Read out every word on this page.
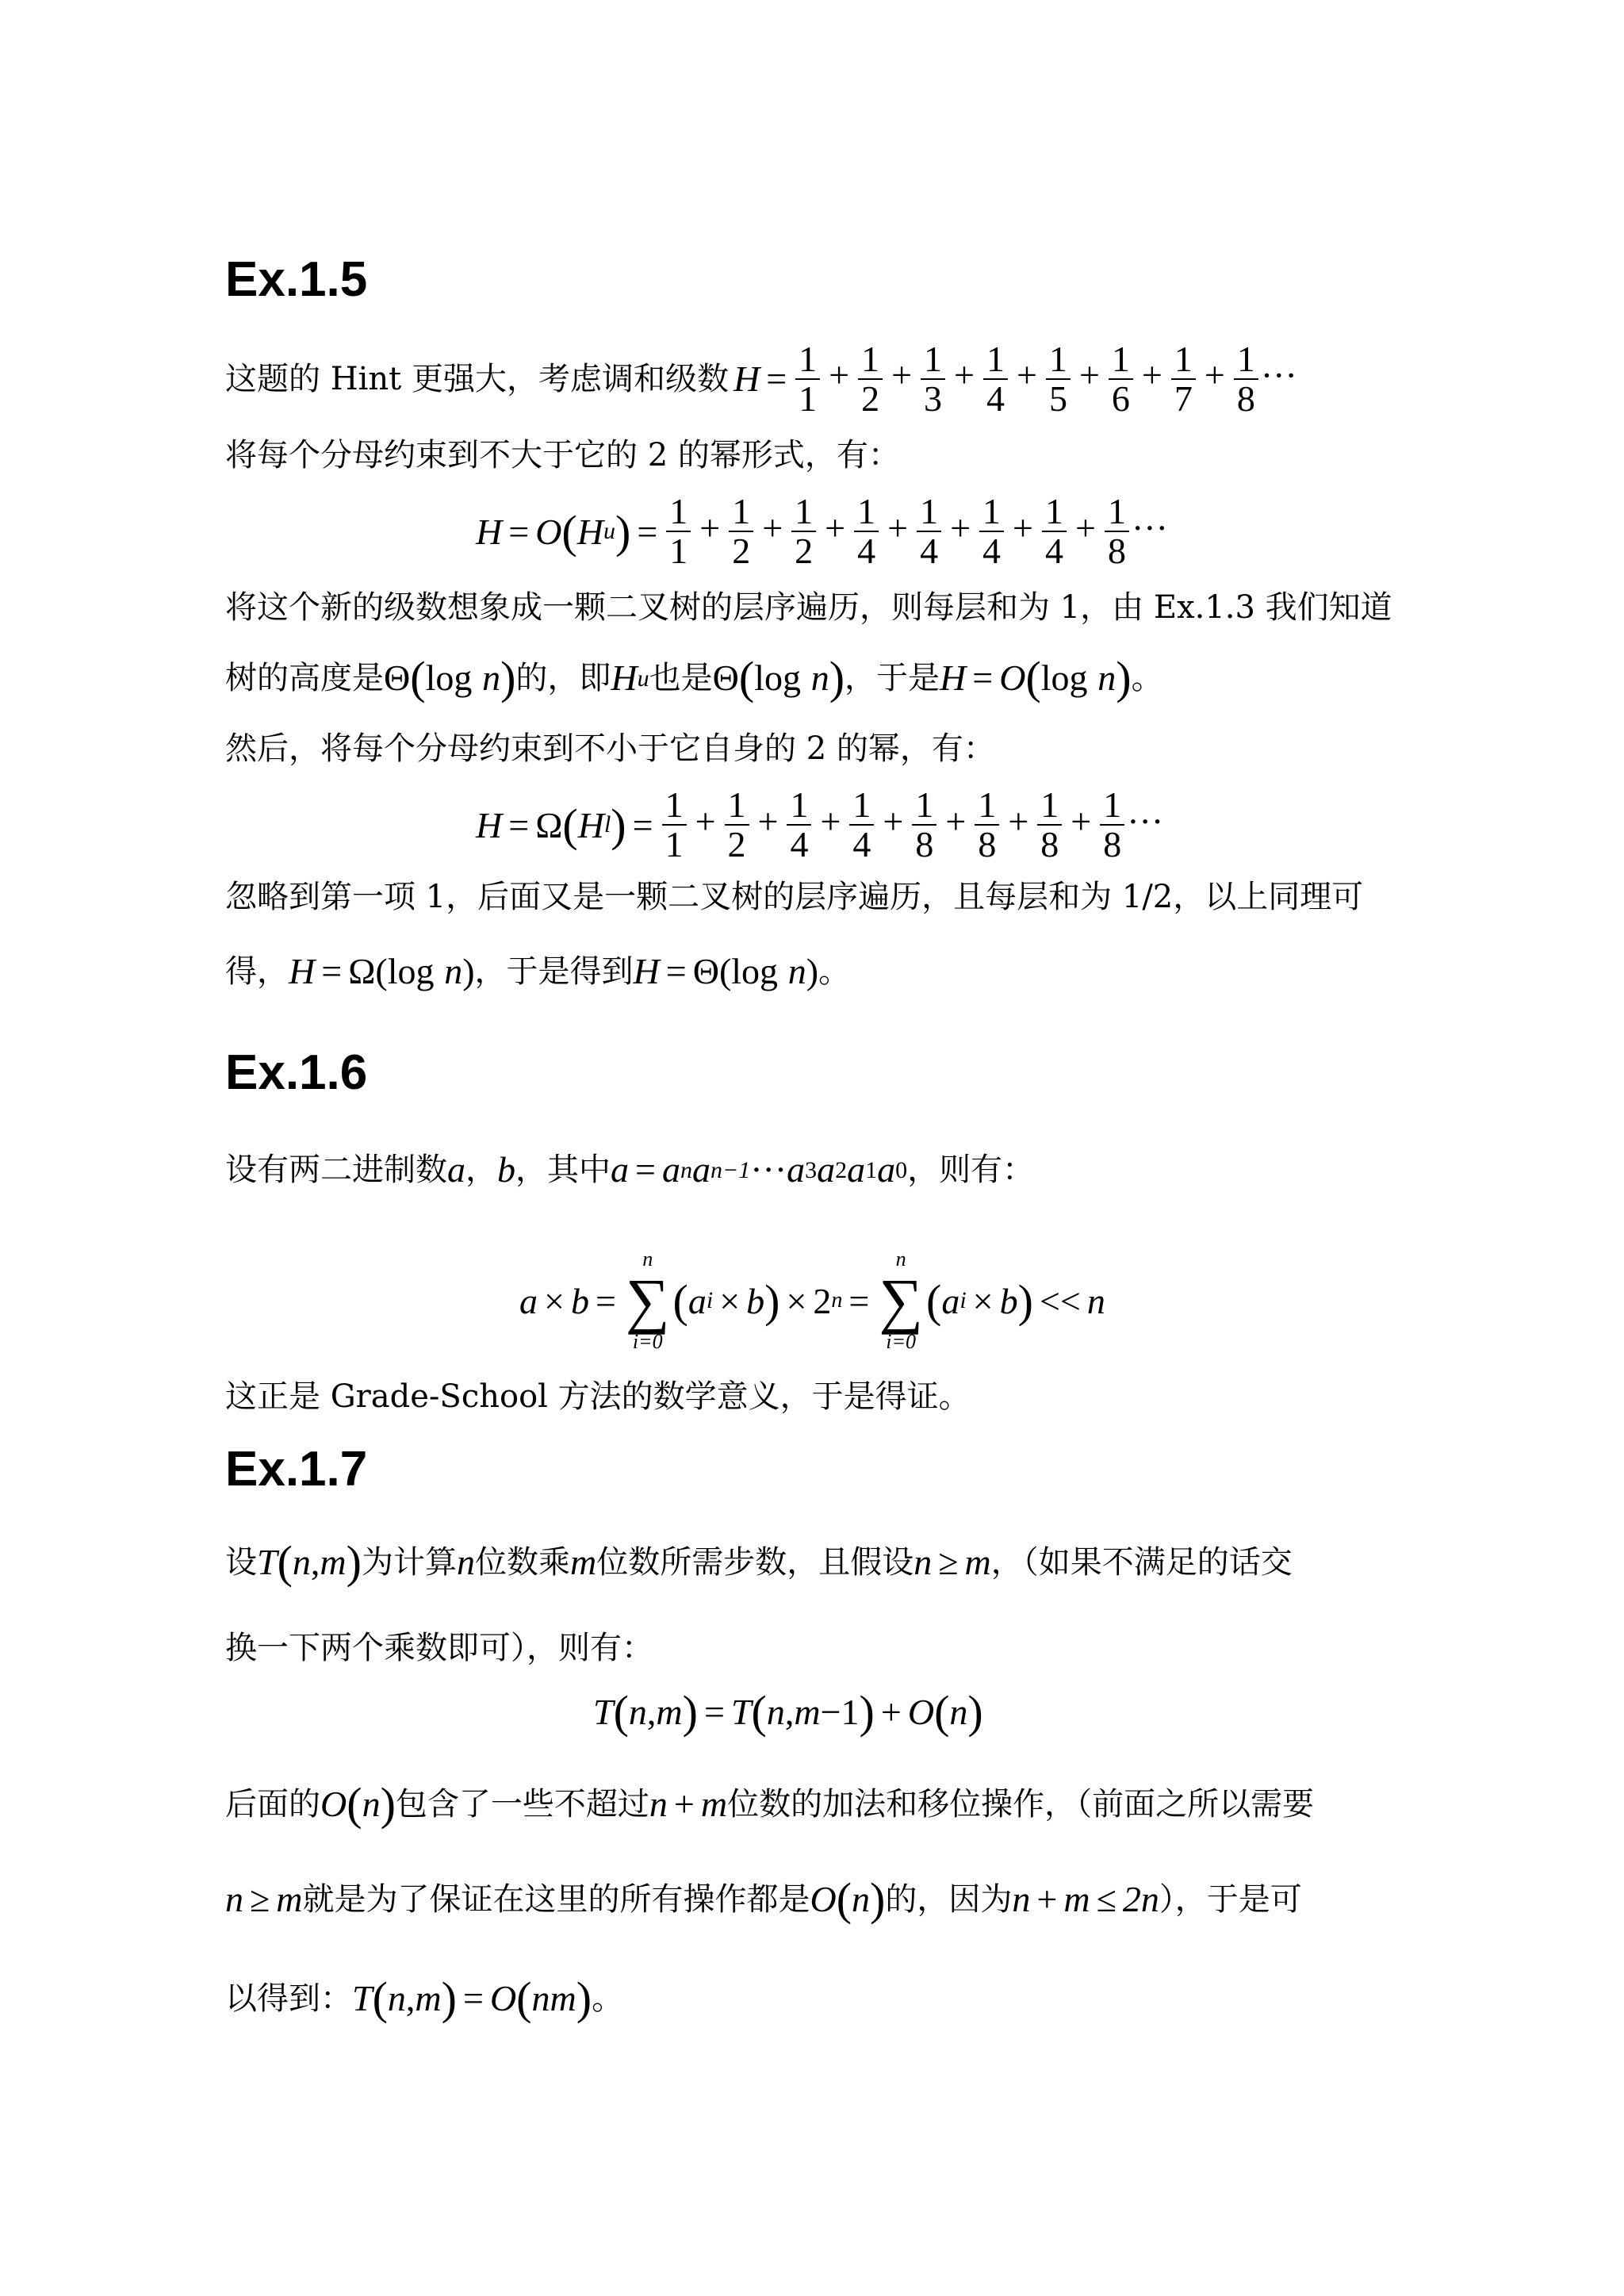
Ex.1.5
这题的 Hint 更强大，考虑调和级数 $H = \frac{1}{1} + \frac{1}{2} + \frac{1}{3} + \frac{1}{4} + \frac{1}{5} + \frac{1}{6} + \frac{1}{7} + \frac{1}{8}$ ···
将每个分母约束到不大于它的 2 的幂形式，有：
H = O ( H u ) = $\frac{1}{1} + \frac{1}{2} + \frac{1}{2} + \frac{1}{4} + \frac{1}{4} + \frac{1}{4} + \frac{1}{4} + \frac{1}{8}$ ···
将这个新的级数想象成一颗二叉树的层序遍历，则每层和为 1，由 Ex.1.3 我们知道
树的高度是 Θ ( log
n ) 的，即 H u 也是 Θ ( log
n ) ，于是 H = O ( log
n ) 。
然后，将每个分母约束到不小于它自身的 2 的幂，有：
H = Ω ( H l ) = $\frac{1}{1} + \frac{1}{2} + \frac{1}{4} + \frac{1}{4} + \frac{1}{8} + \frac{1}{8} + \frac{1}{8} + \frac{1}{8}$ ···
忽略到第一项 1，后面又是一颗二叉树的层序遍历，且每层和为 1/2，以上同理可
得， H = Ω ( log
n ) ，于是得到 H = Θ ( log
n ) 。
Ex.1.6
设有两二进制数 a ， b ，其中 a = a n a n−1 ··· a 3 a 2 a 1 a 0 ，则有：
a × b =
n
∑
i=0
( a i × b ) × 2 n =
n
∑
i=0
( a i × b ) << n
这正是 Grade-School 方法的数学意义，于是得证。
Ex.1.7
设 T ( n , m ) 为计算 n 位数乘 m 位数所需步数，且假设 n ≥ m ，（如果不满足的话交
换一下两个乘数即可），则有：
T ( n , m ) = T ( n , m −1 ) + O ( n )
后面的 O ( n ) 包含了一些不超过 n + m 位数的加法和移位操作，（前面之所以需要
n ≥ m 就是为了保证在这里的所有操作都是 O ( n ) 的，因为 n + m ≤ 2n ），于是可
以得到： T ( n , m ) = O ( n m ) 。
